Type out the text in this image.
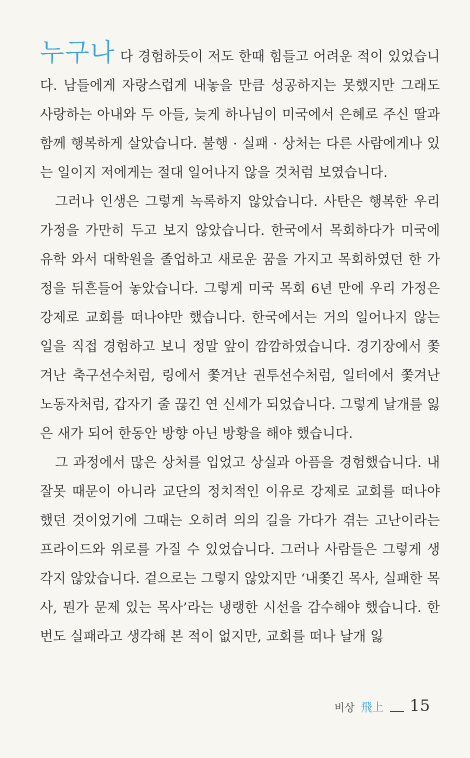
누구나 다 경험하듯이 저도 한때 힘들고 어려운 적이 있었습니다. 남들에게 자랑스럽게 내놓을 만큼 성공하지는 못했지만 그래도 사랑하는 아내와 두 아들, 늦게 하나님이 미국에서 은혜로 주신 딸과 함께 행복하게 살았습니다. 불행 · 실패 · 상처는 다른 사람에게나 있는 일이지 저에게는 절대 일어나지 않을 것처럼 보였습니다.

그러나 인생은 그렇게 녹록하지 않았습니다. 사탄은 행복한 우리 가정을 가만히 두고 보지 않았습니다. 한국에서 목회하다가 미국에 유학 와서 대학원을 졸업하고 새로운 꿈을 가지고 목회하였던 한 가정을 뒤흔들어 놓았습니다. 그렇게 미국 목회 6년 만에 우리 가정은 강제로 교회를 떠나야만 했습니다. 한국에서는 거의 일어나지 않는 일을 직접 경험하고 보니 정말 앞이 깜깜하였습니다. 경기장에서 쫓겨난 축구선수처럼, 링에서 쫓겨난 권투선수처럼, 일터에서 쫓겨난 노동자처럼, 갑자기 줄 끊긴 연 신세가 되었습니다. 그렇게 날개를 잃은 새가 되어 한동안 방향 아닌 방황을 해야 했습니다.

그 과정에서 많은 상처를 입었고 상실과 아픔을 경험했습니다. 내 잘못 때문이 아니라 교단의 정치적인 이유로 강제로 교회를 떠나야 했던 것이었기에 그때는 오히려 의의 길을 가다가 겪는 고난이라는 프라이드와 위로를 가질 수 있었습니다. 그러나 사람들은 그렇게 생각지 않았습니다. 겉으로는 그렇지 않았지만 ‘내쫓긴 목사, 실패한 목사, 뭔가 문제 있는 목사’라는 냉랭한 시선을 감수해야 했습니다. 한 번도 실패라고 생각해 본 적이 없지만, 교회를 떠나 날개 잃

비상 飛上 15
